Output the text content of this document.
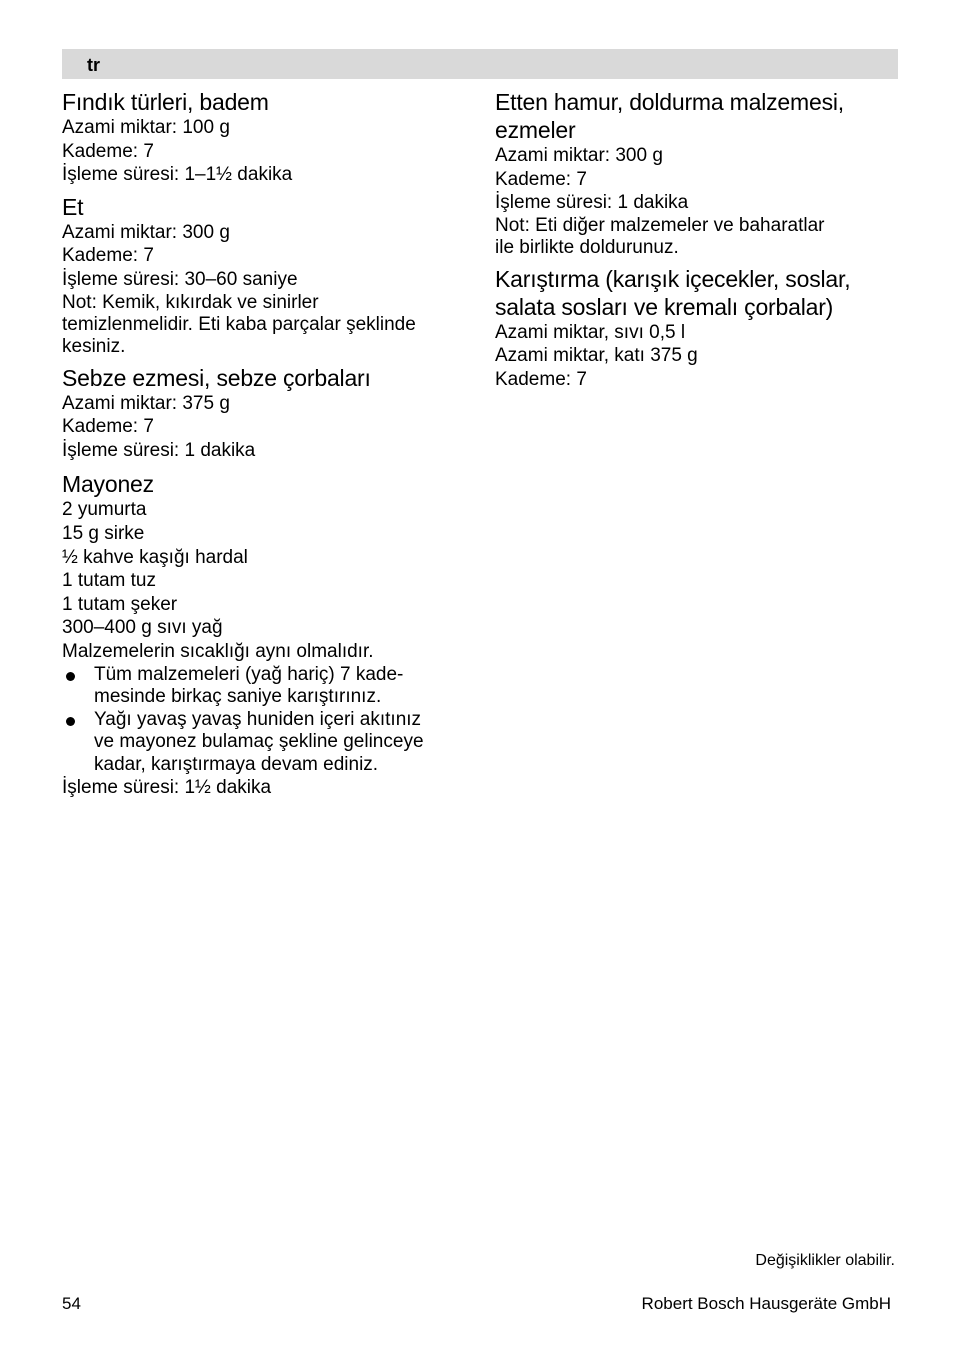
tr
Fındık türleri, badem
Azami miktar: 100 g
Kademe: 7
İşleme süresi: 1–1½ dakika
Et
Azami miktar: 300 g
Kademe: 7
İşleme süresi: 30–60 saniye
Not: Kemik, kıkırdak ve sinirler
temizlenmelidir. Eti kaba parçalar şeklinde
kesiniz.
Sebze ezmesi, sebze çorbaları
Azami miktar: 375 g
Kademe: 7
İşleme süresi: 1 dakika
Mayonez
2 yumurta
15 g sirke
½ kahve kaşığı hardal
1 tutam tuz
1 tutam şeker
300–400 g sıvı yağ
Malzemelerin sıcaklığı aynı olmalıdır.
Tüm malzemeleri (yağ hariç) 7 kade-
mesinde birkaç saniye karıştırınız.
Yağı yavaş yavaş huniden içeri akıtınız
ve mayonez bulamaç şekline gelinceye
kadar, karıştırmaya devam ediniz.
İşleme süresi: 1½ dakika
Etten hamur, doldurma malzemesi,
ezmeler
Azami miktar: 300 g
Kademe: 7
İşleme süresi: 1 dakika
Not: Eti diğer malzemeler ve baharatlar
ile birlikte doldurunuz.
Karıştırma (karışık içecekler, soslar,
salata sosları ve kremalı çorbalar)
Azami miktar, sıvı 0,5 l
Azami miktar, katı 375 g
Kademe: 7
Değişiklikler olabilir.
54	Robert Bosch Hausgeräte GmbH
